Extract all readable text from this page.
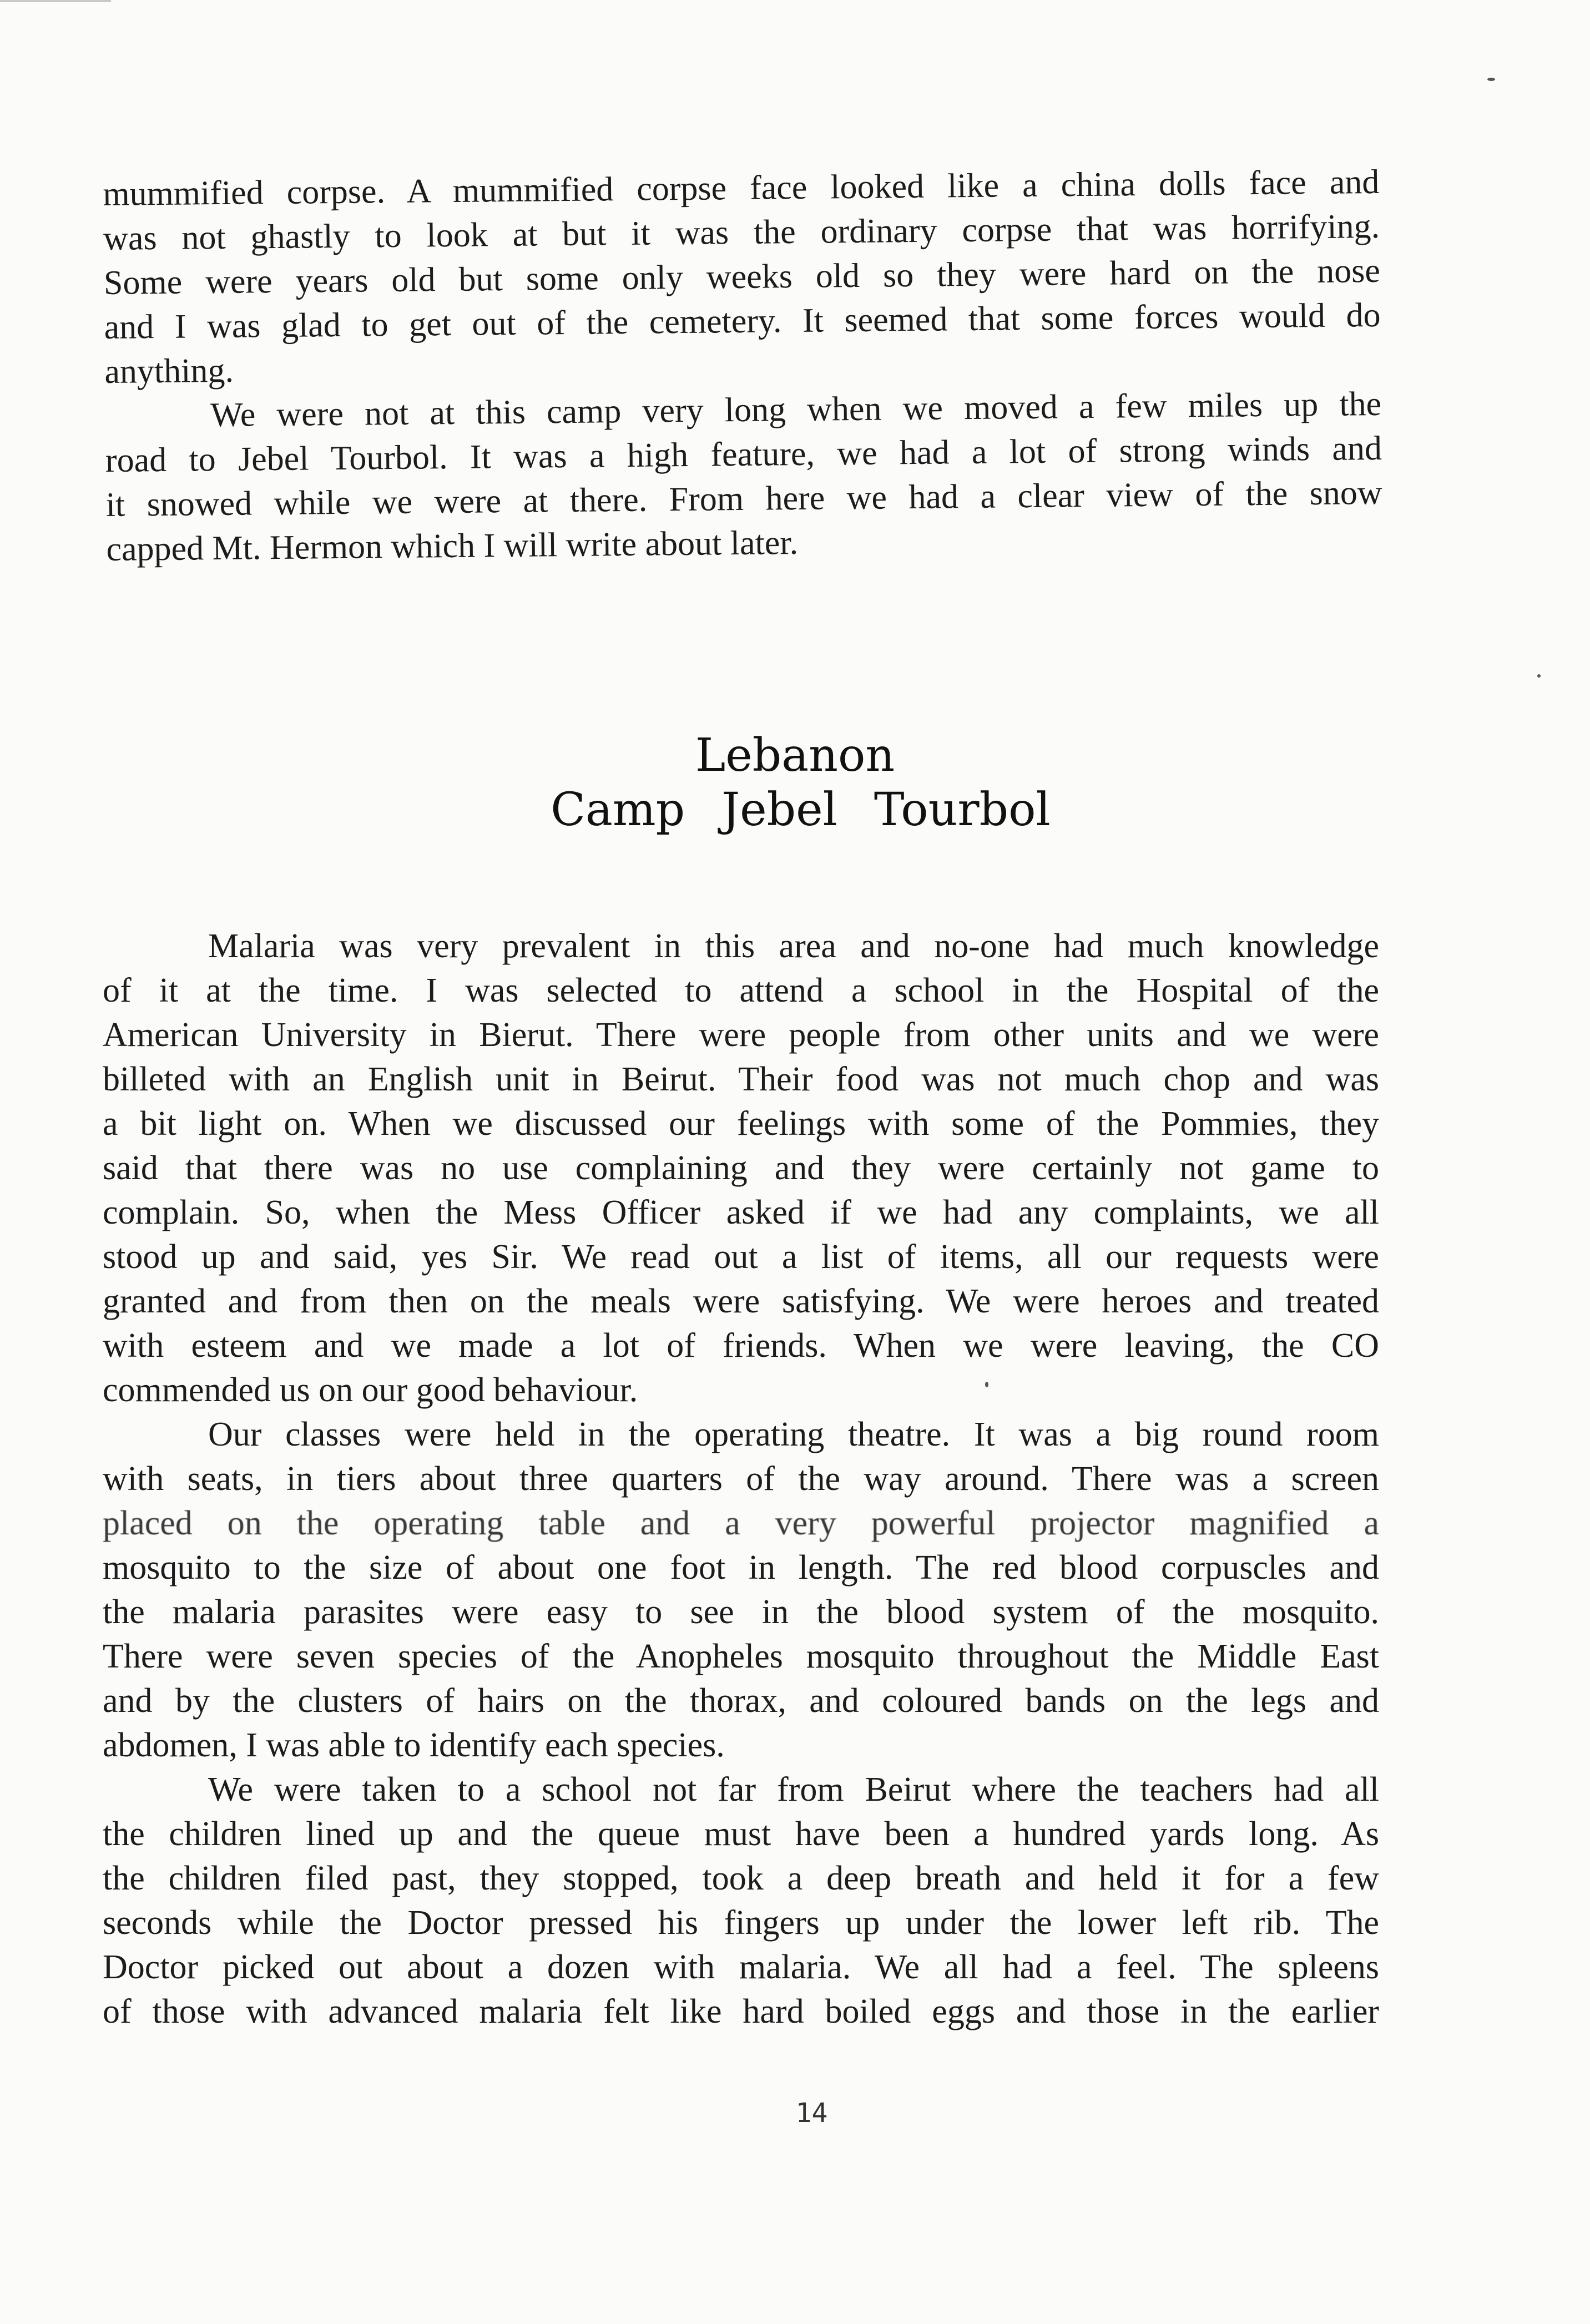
mummified corpse. A mummified corpse face looked like a china dolls face and
was not ghastly to look at but it was the ordinary corpse that was horrifying.
Some were years old but some only weeks old so they were hard on the nose
and I was glad to get out of the cemetery. It seemed that some forces would do
anything.

We were not at this camp very long when we moved a few miles up the
road to Jebel Tourbol. It was a high feature, we had a lot of strong winds and
it snowed while we were at there. From here we had a clear view of the snow
capped Mt. Hermon which I will write about later.

Lebanon
Camp Jebel Tourbol

Malaria was very prevalent in this area and no-one had much knowledge
of it at the time. I was selected to attend a school in the Hospital of the
American University in Bierut. There were people from other units and we were
billeted with an English unit in Beirut. Their food was not much chop and was
a bit light on. When we discussed our feelings with some of the Pommies, they
said that there was no use complaining and they were certainly not game to
complain. So, when the Mess Officer asked if we had any complaints, we all
stood up and said, yes Sir. We read out a list of items, all our requests were
granted and from then on the meals were satisfying. We were heroes and treated
with esteem and we made a lot of friends. When we were leaving, the CO
commended us on our good behaviour.

Our classes were held in the operating theatre. It was a big round room
with seats, in tiers about three quarters of the way around. There was a screen
placed on the operating table and a very powerful projector magnified a
mosquito to the size of about one foot in length. The red blood corpuscles and
the malaria parasites were easy to see in the blood system of the mosquito.
There were seven species of the Anopheles mosquito throughout the Middle East
and by the clusters of hairs on the thorax, and coloured bands on the legs and
abdomen, I was able to identify each species.

We were taken to a school not far from Beirut where the teachers had all
the children lined up and the queue must have been a hundred yards long. As
the children filed past, they stopped, took a deep breath and held it for a few
seconds while the Doctor pressed his fingers up under the lower left rib. The
Doctor picked out about a dozen with malaria. We all had a feel. The spleens
of those with advanced malaria felt like hard boiled eggs and those in the earlier

14
